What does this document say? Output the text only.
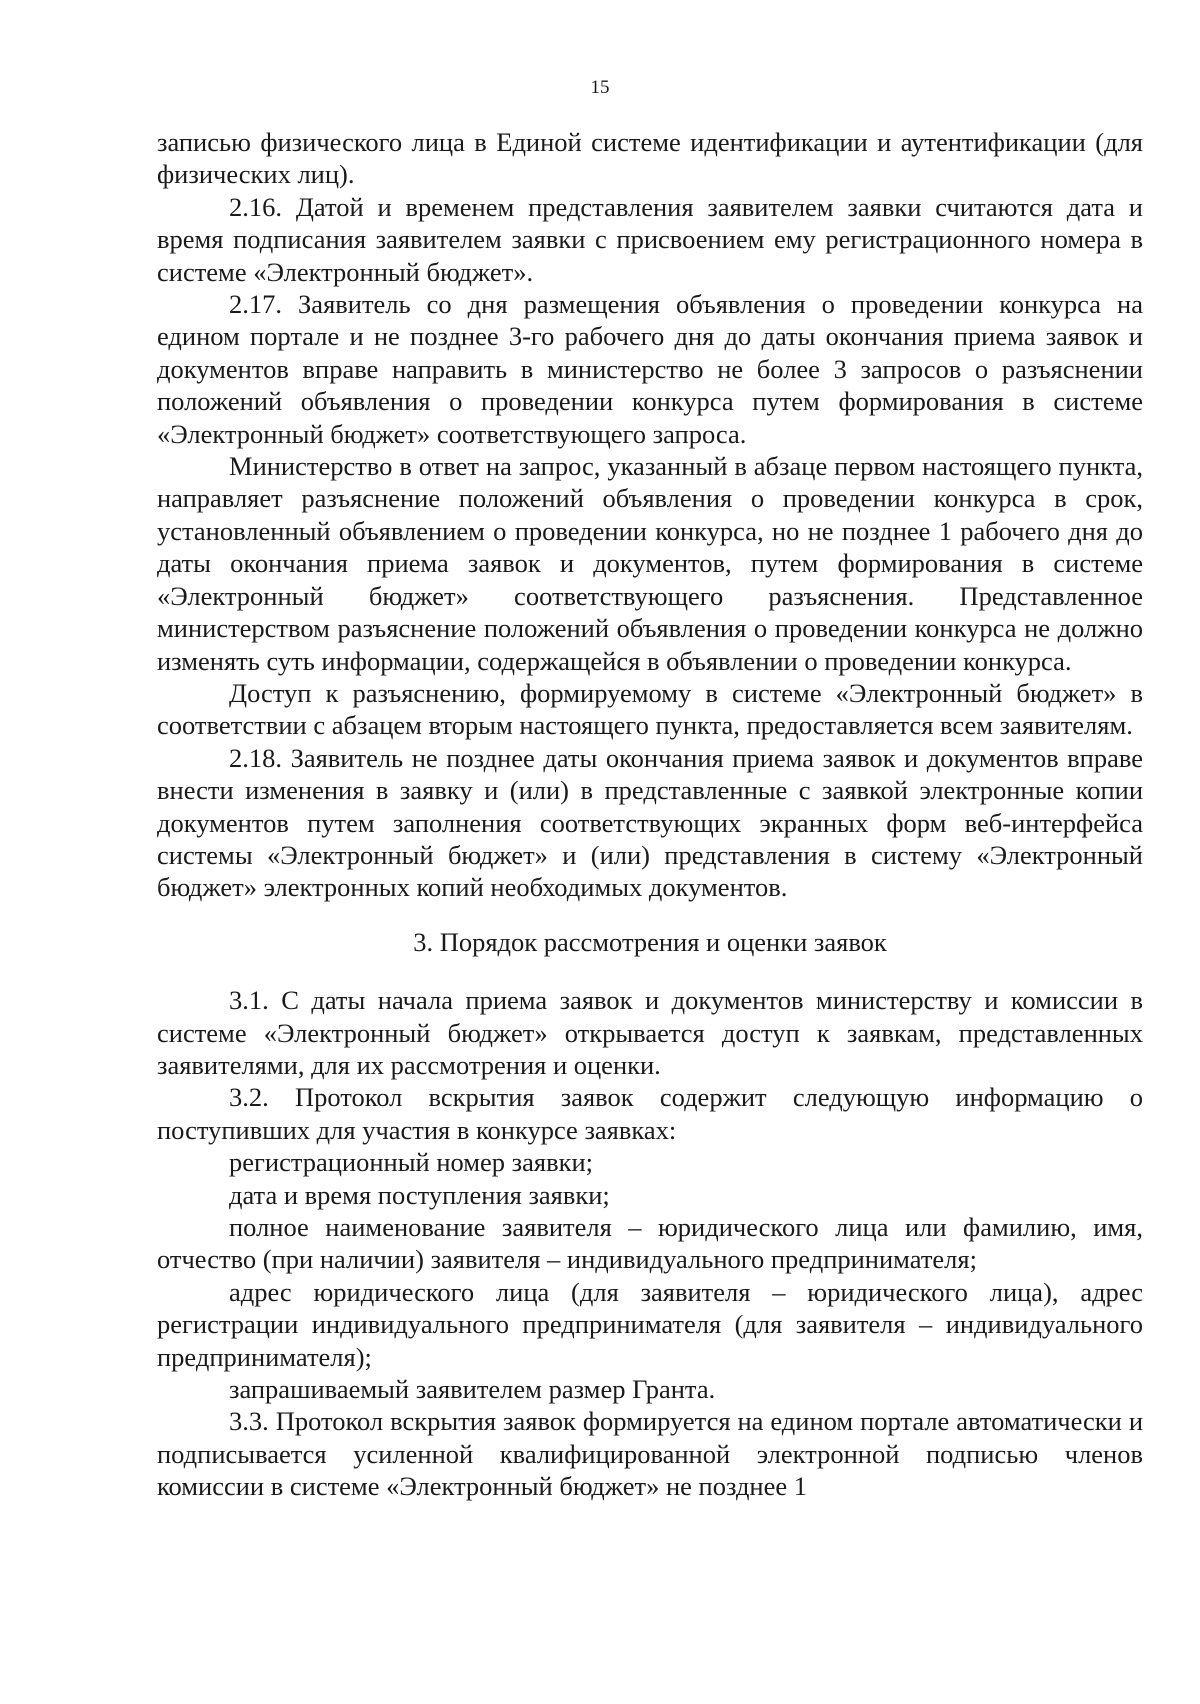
15

записью физического лица в Единой системе идентификации и аутентификации (для физических лиц).

2.16. Датой и временем представления заявителем заявки считаются дата и время подписания заявителем заявки с присвоением ему регистрационного номера в системе «Электронный бюджет».

2.17. Заявитель со дня размещения объявления о проведении конкурса на едином портале и не позднее 3-го рабочего дня до даты окончания приема заявок и документов вправе направить в министерство не более 3 запросов о разъяснении положений объявления о проведении конкурса путем формирования в системе «Электронный бюджет» соответствующего запроса.

Министерство в ответ на запрос, указанный в абзаце первом настоящего пункта, направляет разъяснение положений объявления о проведении конкурса в срок, установленный объявлением о проведении конкурса, но не позднее 1 рабочего дня до даты окончания приема заявок и документов, путем формирования в системе «Электронный бюджет» соответствующего разъяснения. Представленное министерством разъяснение положений объявления о проведении конкурса не должно изменять суть информации, содержащейся в объявлении о проведении конкурса.

Доступ к разъяснению, формируемому в системе «Электронный бюджет» в соответствии с абзацем вторым настоящего пункта, предоставляется всем заявителям.

2.18. Заявитель не позднее даты окончания приема заявок и документов вправе внести изменения в заявку и (или) в представленные с заявкой электронные копии документов путем заполнения соответствующих экранных форм веб-интерфейса системы «Электронный бюджет» и (или) представления в систему «Электронный бюджет» электронных копий необходимых документов.

3. Порядок рассмотрения и оценки заявок

3.1. С даты начала приема заявок и документов министерству и комиссии в системе «Электронный бюджет» открывается доступ к заявкам, представленных заявителями, для их рассмотрения и оценки.

3.2. Протокол вскрытия заявок содержит следующую информацию о поступивших для участия в конкурсе заявках:

регистрационный номер заявки;

дата и время поступления заявки;

полное наименование заявителя – юридического лица или фамилию, имя, отчество (при наличии) заявителя – индивидуального предпринимателя;

адрес юридического лица (для заявителя – юридического лица), адрес регистрации индивидуального предпринимателя (для заявителя – индивидуального предпринимателя);

запрашиваемый заявителем размер Гранта.

3.3. Протокол вскрытия заявок формируется на едином портале автоматически и подписывается усиленной квалифицированной электронной подписью членов комиссии в системе «Электронный бюджет» не позднее 1
